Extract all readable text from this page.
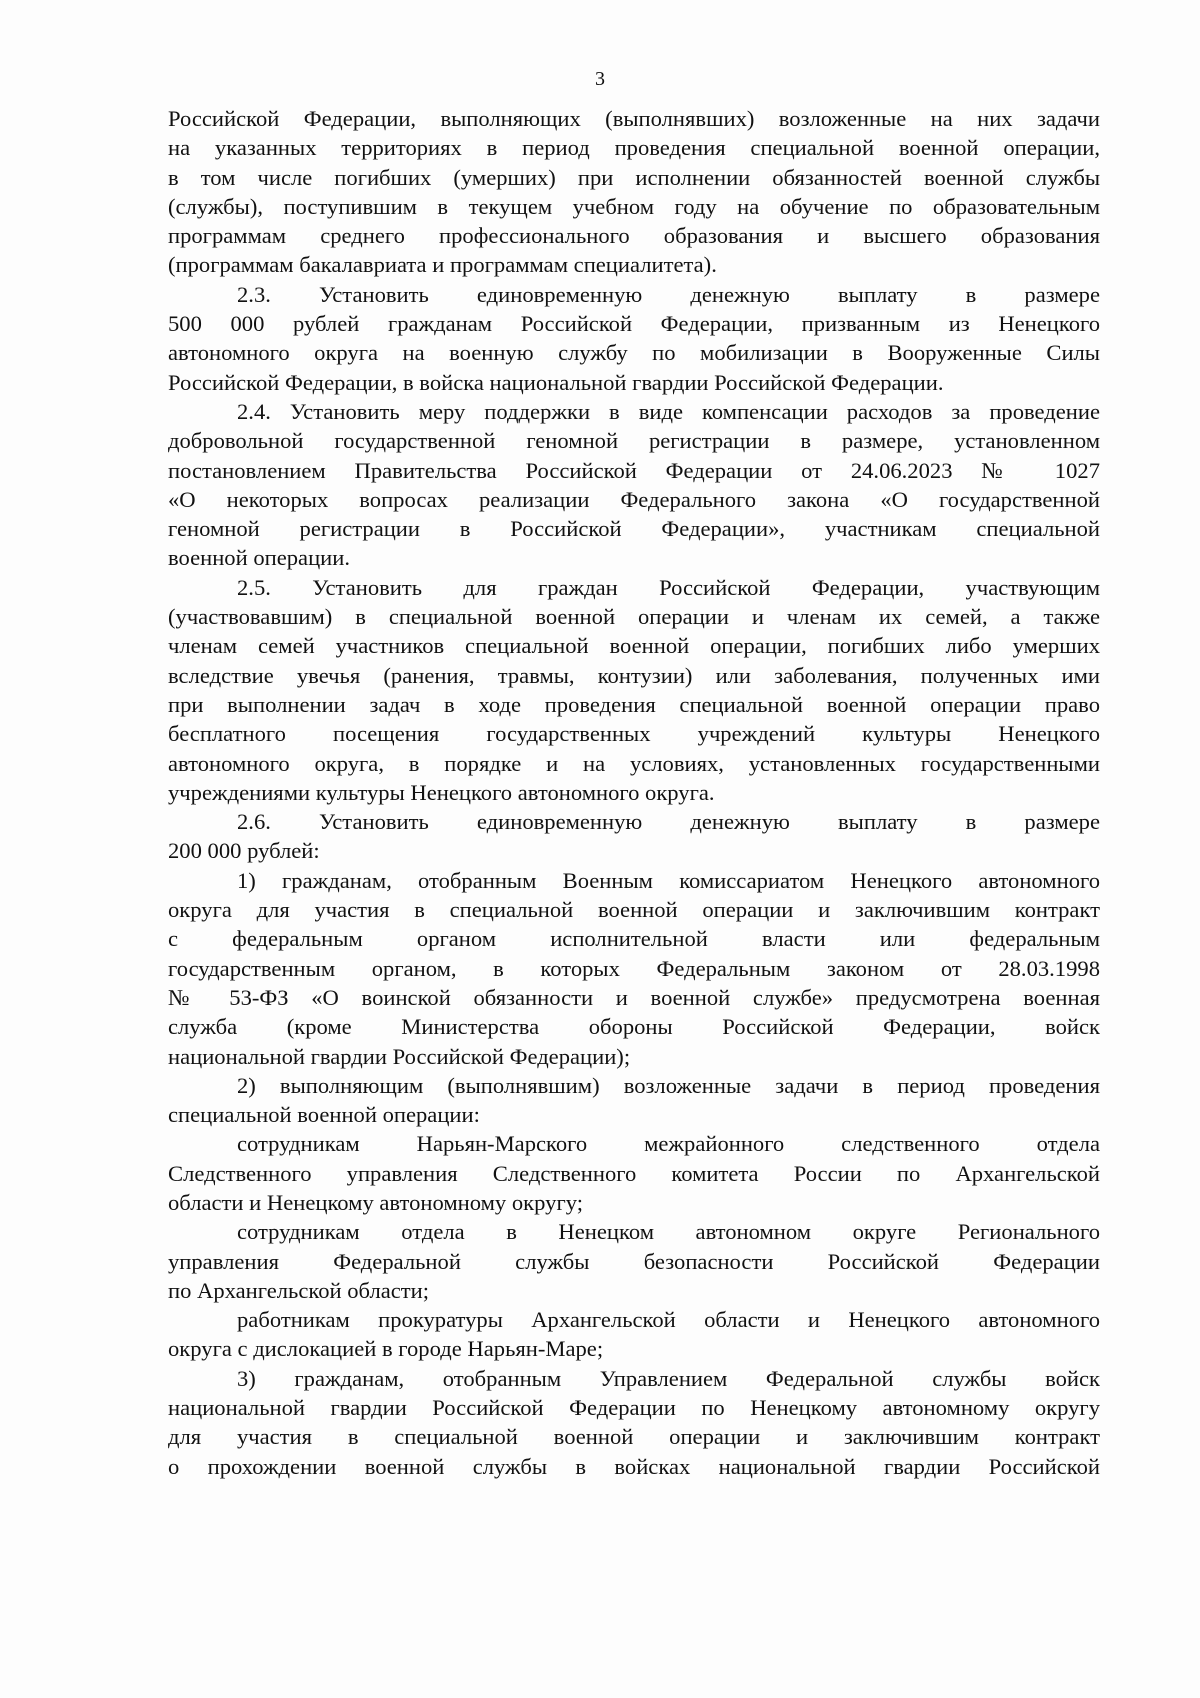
3
Российской Федерации, выполняющих (выполнявших) возложенные на них задачи
на указанных территориях в период проведения специальной военной операции,
в том числе погибших (умерших) при исполнении обязанностей военной службы
(службы), поступившим в текущем учебном году на обучение по образовательным
программам среднего профессионального образования и высшего образования
(программам бакалавриата и программам специалитета).
2.3. Установить единовременную денежную выплату в размере
500 000 рублей гражданам Российской Федерации, призванным из Ненецкого
автономного округа на военную службу по мобилизации в Вооруженные Силы
Российской Федерации, в войска национальной гвардии Российской Федерации.
2.4. Установить меру поддержки в виде компенсации расходов за проведение
добровольной государственной геномной регистрации в размере, установленном
постановлением Правительства Российской Федерации от 24.06.2023 № 1027
«О некоторых вопросах реализации Федерального закона «О государственной
геномной регистрации в Российской Федерации», участникам специальной
военной операции.
2.5. Установить для граждан Российской Федерации, участвующим
(участвовавшим) в специальной военной операции и членам их семей, а также
членам семей участников специальной военной операции, погибших либо умерших
вследствие увечья (ранения, травмы, контузии) или заболевания, полученных ими
при выполнении задач в ходе проведения специальной военной операции право
бесплатного посещения государственных учреждений культуры Ненецкого
автономного округа, в порядке и на условиях, установленных государственными
учреждениями культуры Ненецкого автономного округа.
2.6. Установить единовременную денежную выплату в размере
200 000 рублей:
1) гражданам, отобранным Военным комиссариатом Ненецкого автономного
округа для участия в специальной военной операции и заключившим контракт
с федеральным органом исполнительной власти или федеральным
государственным органом, в которых Федеральным законом от 28.03.1998
№ 53-ФЗ «О воинской обязанности и военной службе» предусмотрена военная
служба (кроме Министерства обороны Российской Федерации, войск
национальной гвардии Российской Федерации);
2) выполняющим (выполнявшим) возложенные задачи в период проведения
специальной военной операции:
сотрудникам Нарьян-Марского межрайонного следственного отдела
Следственного управления Следственного комитета России по Архангельской
области и Ненецкому автономному округу;
сотрудникам отдела в Ненецком автономном округе Регионального
управления Федеральной службы безопасности Российской Федерации
по Архангельской области;
работникам прокуратуры Архангельской области и Ненецкого автономного
округа с дислокацией в городе Нарьян-Маре;
3) гражданам, отобранным Управлением Федеральной службы войск
национальной гвардии Российской Федерации по Ненецкому автономному округу
для участия в специальной военной операции и заключившим контракт
о прохождении военной службы в войсках национальной гвардии Российской
